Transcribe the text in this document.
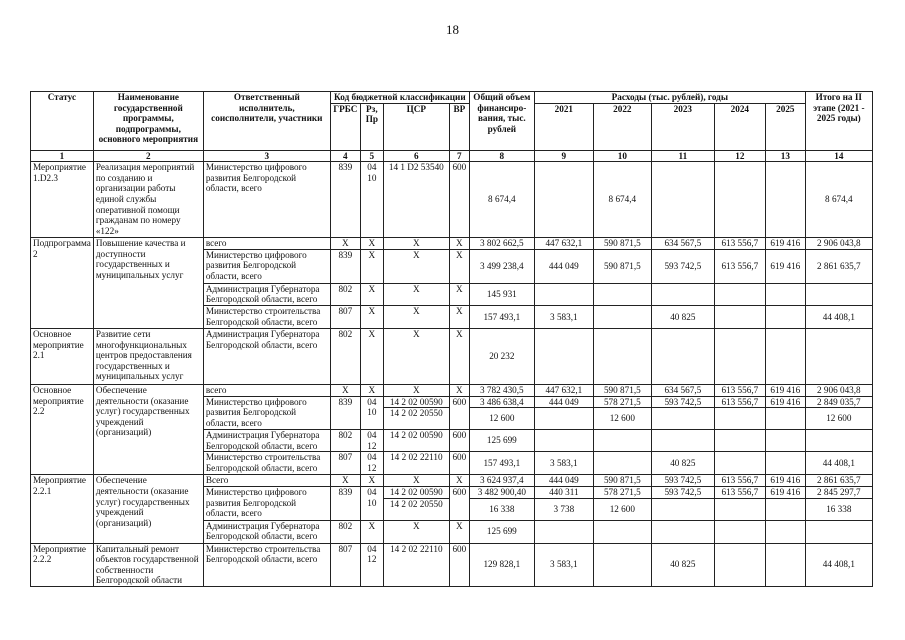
18
Статус	Наименование государственной программы, подпрограммы, основного мероприятия	Ответственный исполнитель, соисполнители, участники	Код бюджетной классификации				Общий объем финансиро-вания, тыс. рублей	Расходы (тыс. рублей), годы					Итого на II этапе (2021 - 2025 годы)
			ГРБС	Рз, Пр	ЦСР	ВР		2021	2022	2023	2024	2025	
1	2	3	4	5	6	7	8	9	10	11	12	13	14
Мероприятие 1.D2.3	Реализация мероприятий по созданию и организации работы единой службы оперативной помощи гражданам по номеру «122»	Министерство цифрового развития Белгородской области, всего	839	04 10	14 1 D2 53540	600	8 674,4		8 674,4				8 674,4
Подпрограмма 2	Повышение качества и доступности государственных и муниципальных услуг	всего	X	X	X	X	3 802 662,5	447 632,1	590 871,5	634 567,5	613 556,7	619 416	2 906 043,8
		Министерство цифрового развития Белгородской области, всего	839	X	X	X	3 499 238,4	444 049	590 871,5	593 742,5	613 556,7	619 416	2 861 635,7
		Администрация Губернатора Белгородской области, всего	802	X	X	X	145 931						
		Министерство строительства Белгородской области, всего	807	X	X	X	157 493,1	3 583,1		40 825			44 408,1
Основное мероприятие 2.1	Развитие сети многофункциональных центров предоставления государственных и муниципальных услуг	Администрация Губернатора Белгородской области, всего	802	X	X	X	20 232						
Основное мероприятие 2.2	Обеспечение деятельности (оказание услуг) государственных учреждений (организаций)	всего	X	X	X	X	3 782 430,5	447 632,1	590 871,5	634 567,5	613 556,7	619 416	2 906 043,8
		Министерство цифрового развития Белгородской области, всего	839	04 10	14 2 02 00590	600	3 486 638,4	444 049	578 271,5	593 742,5	613 556,7	619 416	2 849 035,7
					14 2 02 20550		12 600		12 600				12 600
		Администрация Губернатора Белгородской области, всего	802	04 12	14 2 02 00590	600	125 699						
		Министерство строительства Белгородской области, всего	807	04 12	14 2 02 22110	600	157 493,1	3 583,1		40 825			44 408,1
Мероприятие 2.2.1	Обеспечение деятельности (оказание услуг) государственных учреждений (организаций)	Всего	X	X	X	X	3 624 937,4	444 049	590 871,5	593 742,5	613 556,7	619 416	2 861 635,7
		Министерство цифрового развития Белгородской области, всего	839	04 10	14 2 02 00590	600	3 482 900,40	440 311	578 271,5	593 742,5	613 556,7	619 416	2 845 297,7
					14 2 02 20550		16 338	3 738	12 600				16 338
		Администрация Губернатора Белгородской области, всего	802	X	X	X	125 699						
Мероприятие 2.2.2	Капитальный ремонт объектов государственной собственности Белгородской области	Министерство строительства Белгородской области, всего	807	04 12	14 2 02 22110	600	129 828,1	3 583,1		40 825			44 408,1
